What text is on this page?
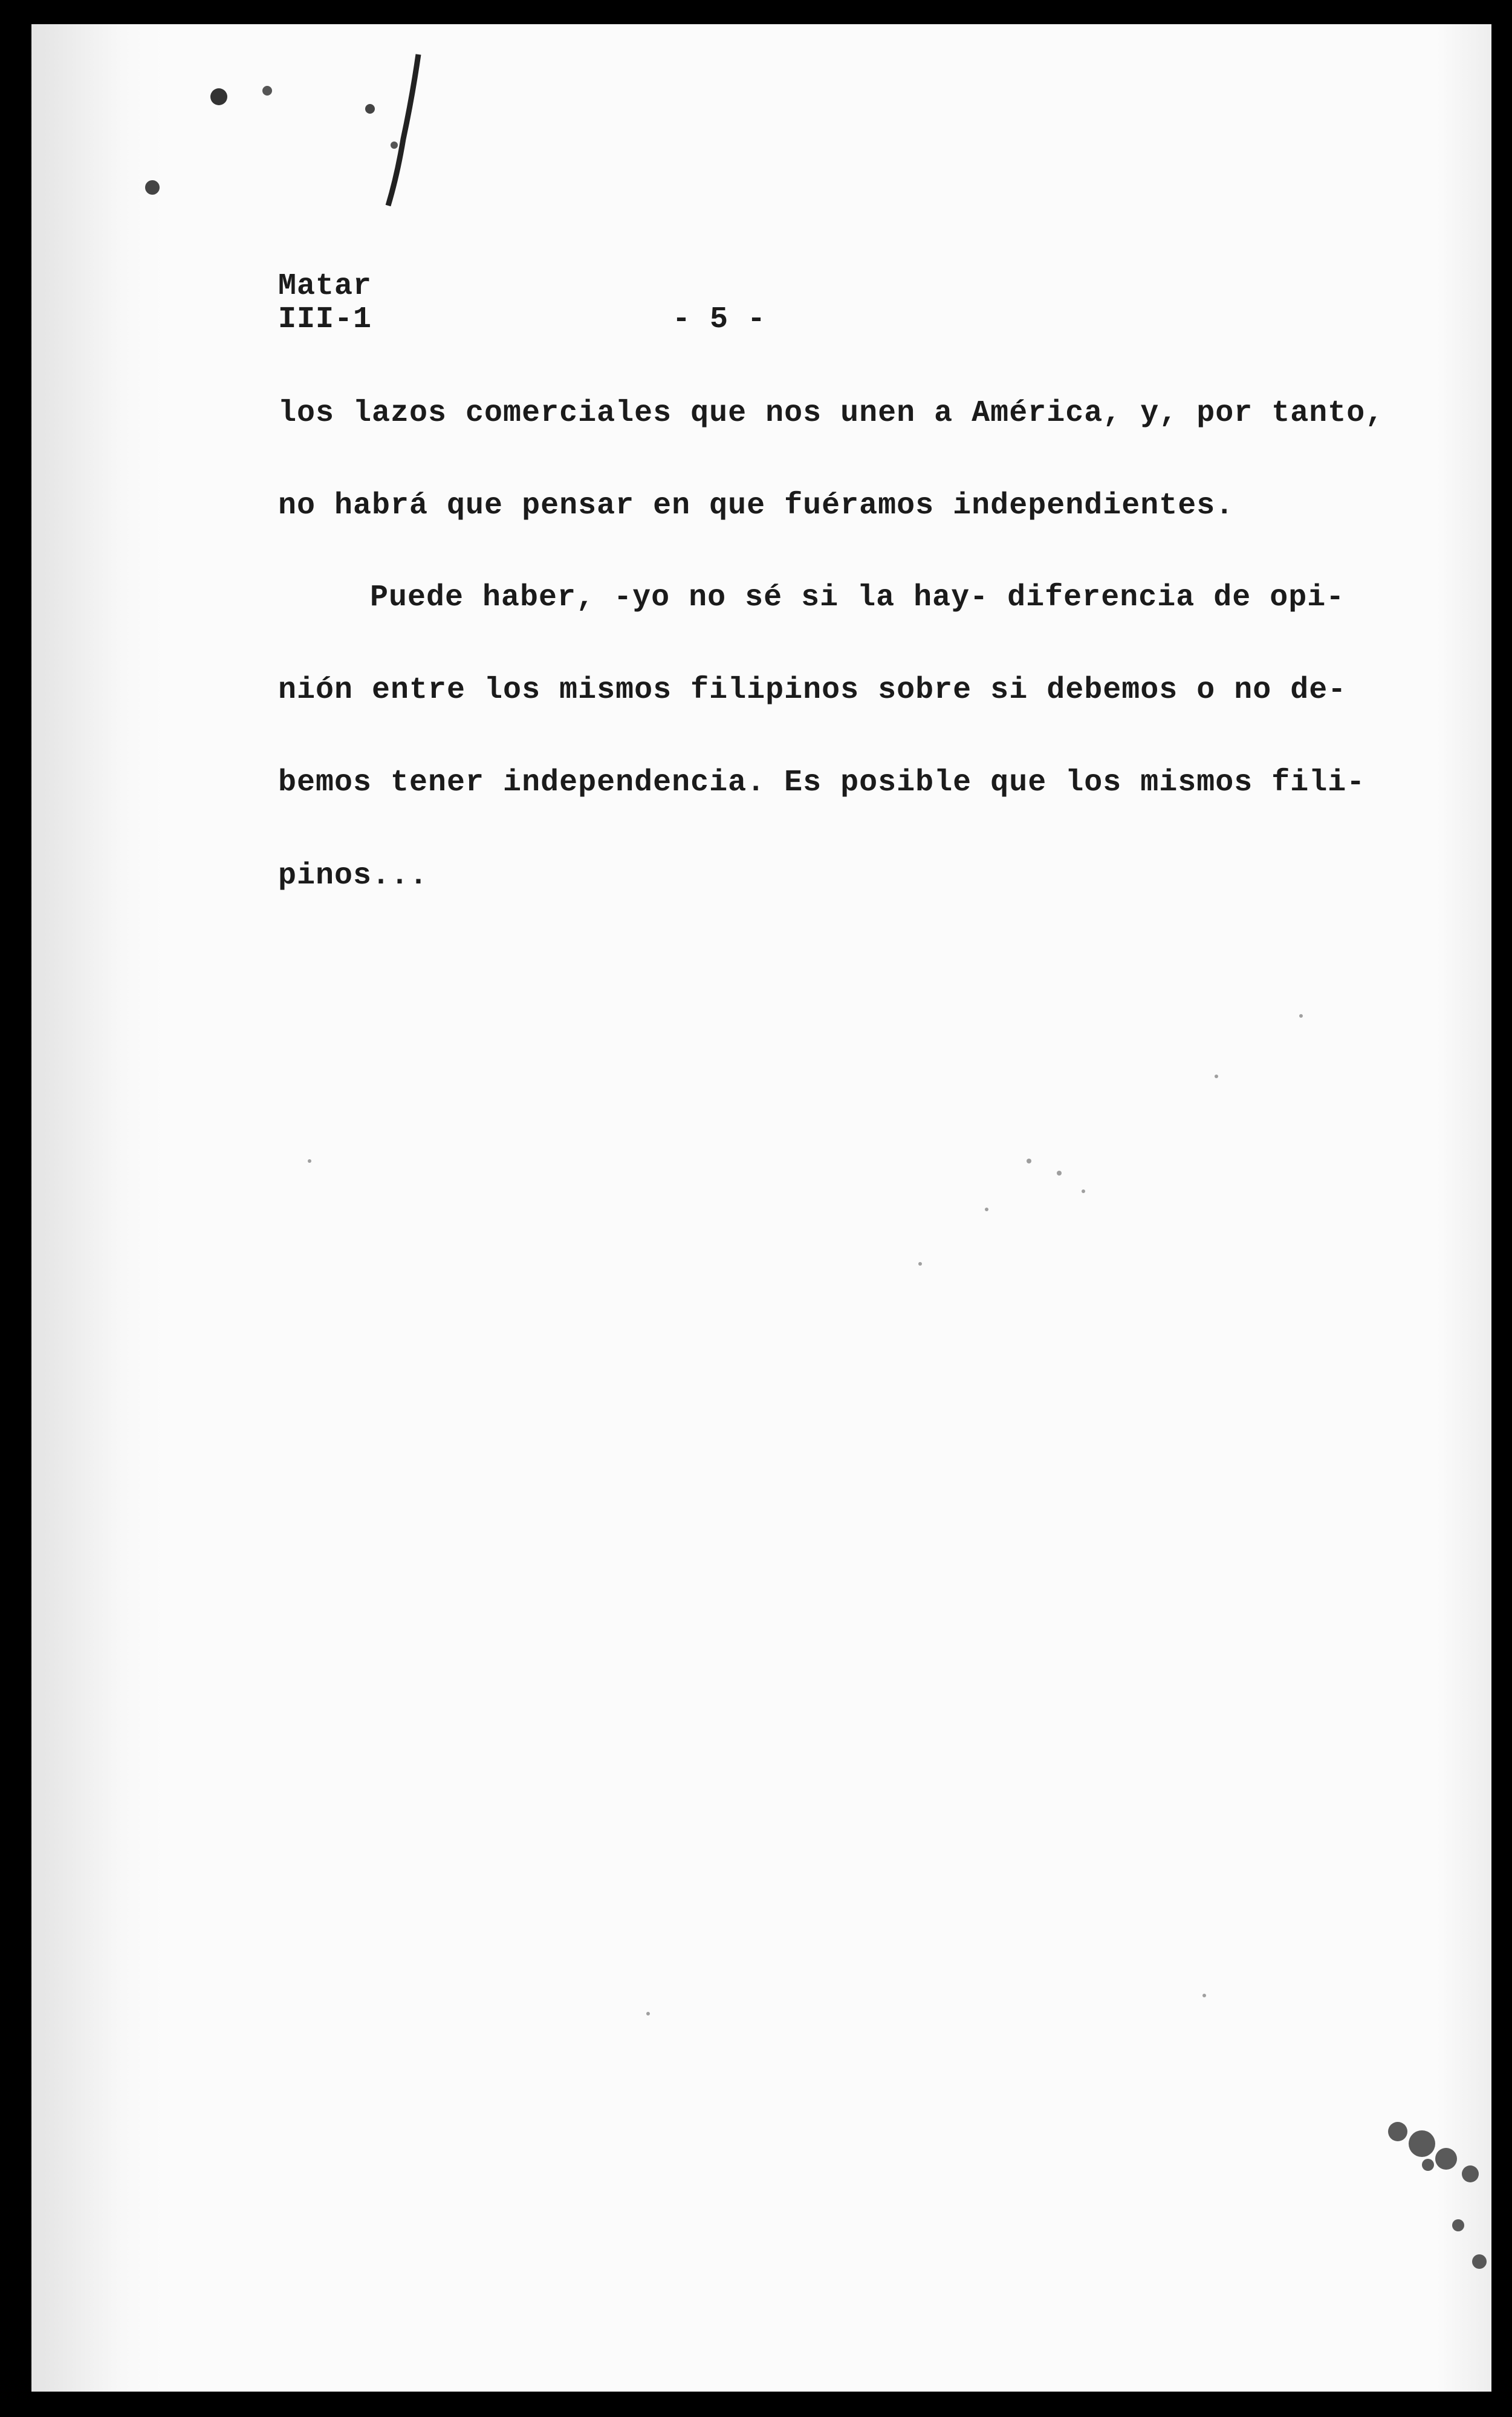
Matar
III-1	- 5 -
los lazos comerciales que nos unen a América, y, por tanto,
no habrá que pensar en que fuéramos independientes.
Puede haber, -yo no sé si la hay- diferencia de opi-
nión entre los mismos filipinos sobre si debemos o no de-
bemos tener independencia. Es posible que los mismos fili-
pinos...
